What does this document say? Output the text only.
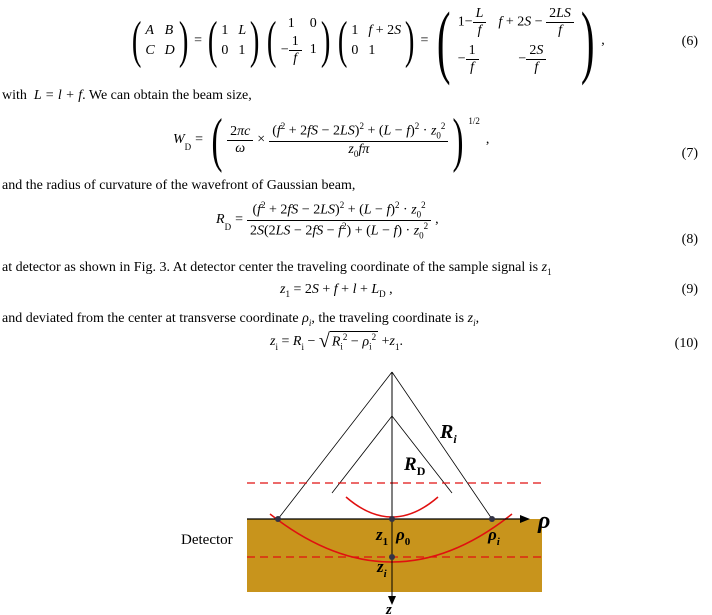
( A B
C D ) = ( 1 L
0 1 ) ( 1	0
− $\frac{1}{f} 1$ ) ( 1 f + 2S
0 1 ) = ( $1- \frac{L}{f}$ $f + 2S - \frac{2LS}{f}$
− $\frac{1}{f}$	− $\frac{2S}{f}$ ) ,	(6)
with L = l + f. We can obtain the beam size,
$W_D$ = ( $\frac{2\pi c}{\omega} \times \frac{(f^2 + 2fS - 2LS)^2 + (L - f)^2 \cdot z_0^2}{z_0f\pi}$ ) $^{1/2}$
,
(7)
and the radius of curvature of the wavefront of Gaussian beam,
$R_D = \frac{(f^2 + 2fS - 2LS)^2 + (L - f)^2 \cdot z_0^2}{2S(2LS - 2fS - f^2) + (L - f) \cdot z_0^2}$ ,
(8)
at detector as shown in Fig. 3. At detector center the traveling coordinate of the sample signal is $z_1$
$z_1 = 2S + f + l + L_D$ ,	(9)
and deviated from the center at transverse coordinate $\rho_i$, the traveling coordinate is $z_i$,
$z_i = R_i$ − √ $R_i^2 - \rho_i^2 + z_1$ .	(10)
$R_i$
$R_D$
ρ
Detector	$z_1$ $\rho_0$	$\rho_i$
$z_i$
z
